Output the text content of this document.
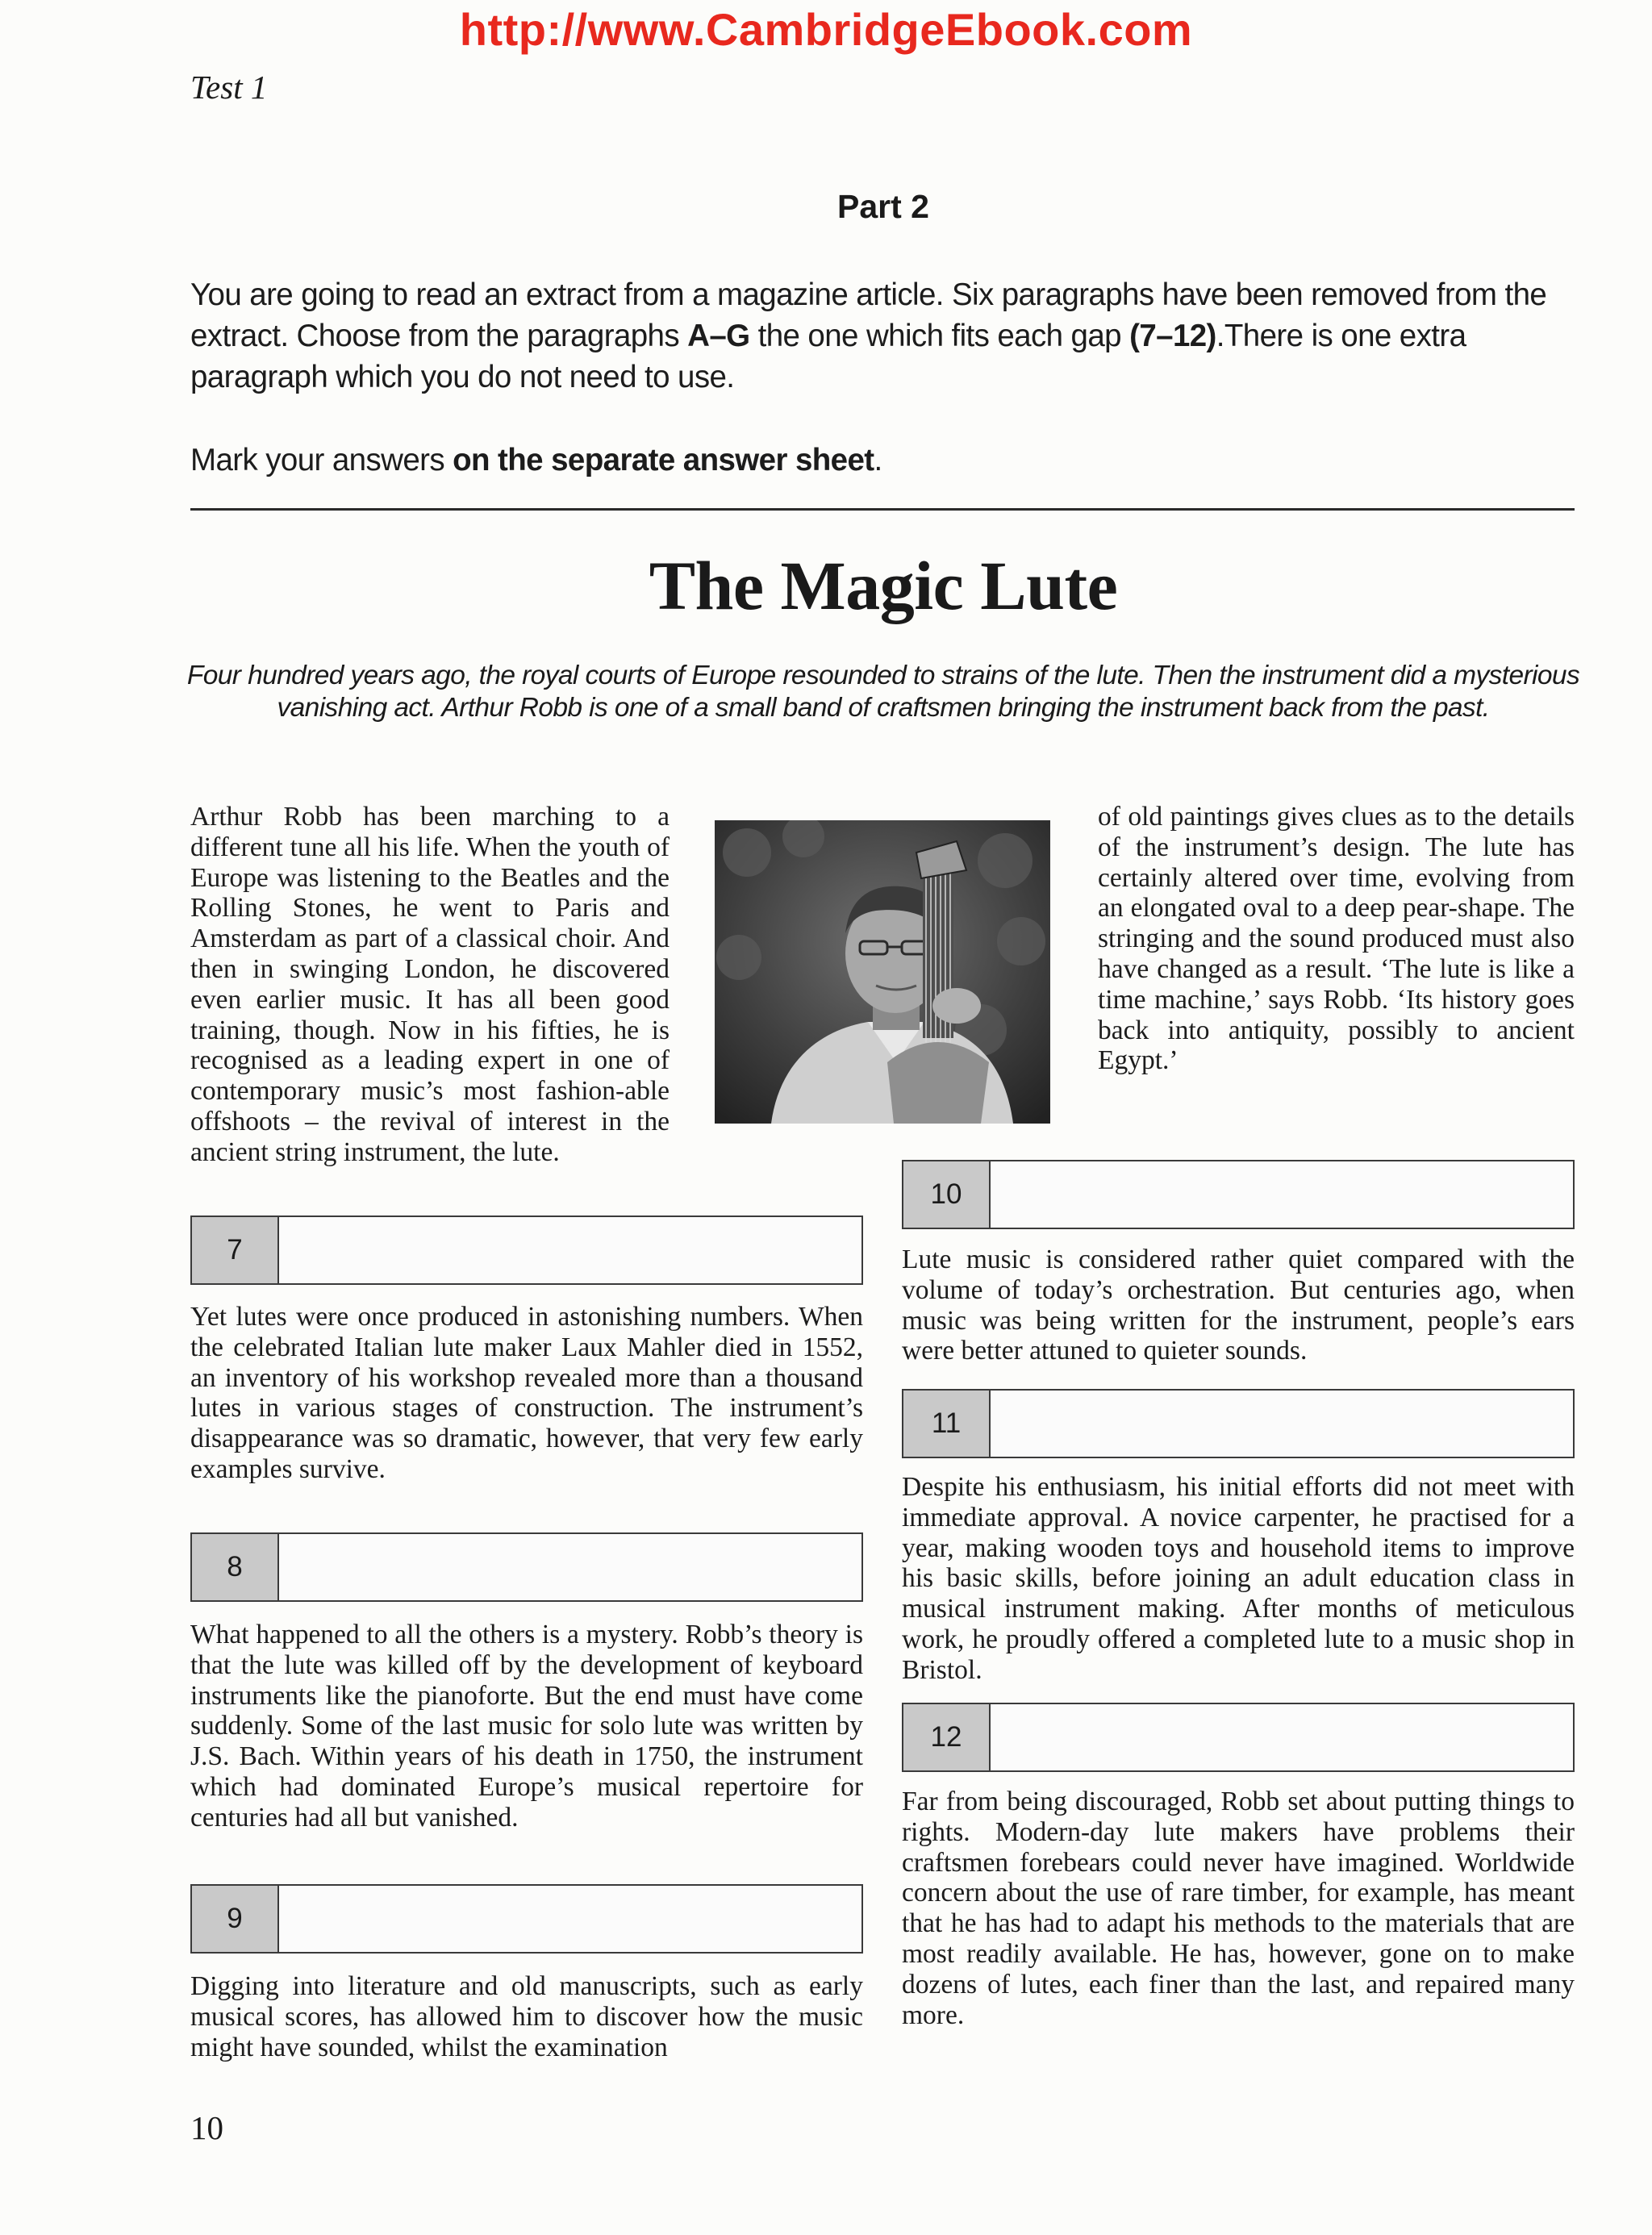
http://www.CambridgeEbook.com
Test 1
Part 2
You are going to read an extract from a magazine article. Six paragraphs have been removed from the extract. Choose from the paragraphs A–G the one which fits each gap (7–12).There is one extra paragraph which you do not need to use.
Mark your answers on the separate answer sheet.
The Magic Lute
Four hundred years ago, the royal courts of Europe resounded to strains of the lute. Then the instrument did a mysterious vanishing act. Arthur Robb is one of a small band of craftsmen bringing the instrument back from the past.

Arthur Robb has been marching to a different tune all his life. When the youth of Europe was listening to the Beatles and the Rolling Stones, he went to Paris and Amsterdam as part of a classical choir. And then in swinging London, he discovered even earlier music. It has all been good training, though. Now in his fifties, he is recognised as a leading expert in one of contemporary music’s most fashion-able offshoots – the revival of interest in the ancient string instrument, the lute.

of old paintings gives clues as to the details of the instrument’s design. The lute has certainly altered over time, evolving from an elongated oval to a deep pear-shape. The stringing and the sound produced must also have changed as a result. ‘The lute is like a time machine,’ says Robb. ‘Its history goes back into antiquity, possibly to ancient Egypt.’

7

Yet lutes were once produced in astonishing numbers. When the celebrated Italian lute maker Laux Mahler died in 1552, an inventory of his workshop revealed more than a thousand lutes in various stages of construction. The instrument’s disappearance was so dramatic, however, that very few early examples survive.

8

What happened to all the others is a mystery. Robb’s theory is that the lute was killed off by the development of keyboard instruments like the pianoforte. But the end must have come suddenly. Some of the last music for solo lute was written by J.S. Bach. Within years of his death in 1750, the instrument which had dominated Europe’s musical repertoire for centuries had all but vanished.

9

Digging into literature and old manuscripts, such as early musical scores, has allowed him to discover how the music might have sounded, whilst the examination

10

Lute music is considered rather quiet compared with the volume of today’s orchestration. But centuries ago, when music was being written for the instrument, people’s ears were better attuned to quieter sounds.

11

Despite his enthusiasm, his initial efforts did not meet with immediate approval. A novice carpenter, he practised for a year, making wooden toys and household items to improve his basic skills, before joining an adult education class in musical instrument making. After months of meticulous work, he proudly offered a completed lute to a music shop in Bristol.

12

Far from being discouraged, Robb set about putting things to rights. Modern-day lute makers have problems their craftsmen forebears could never have imagined. Worldwide concern about the use of rare timber, for example, has meant that he has had to adapt his methods to the materials that are most readily available. He has, however, gone on to make dozens of lutes, each finer than the last, and repaired many more.

10
